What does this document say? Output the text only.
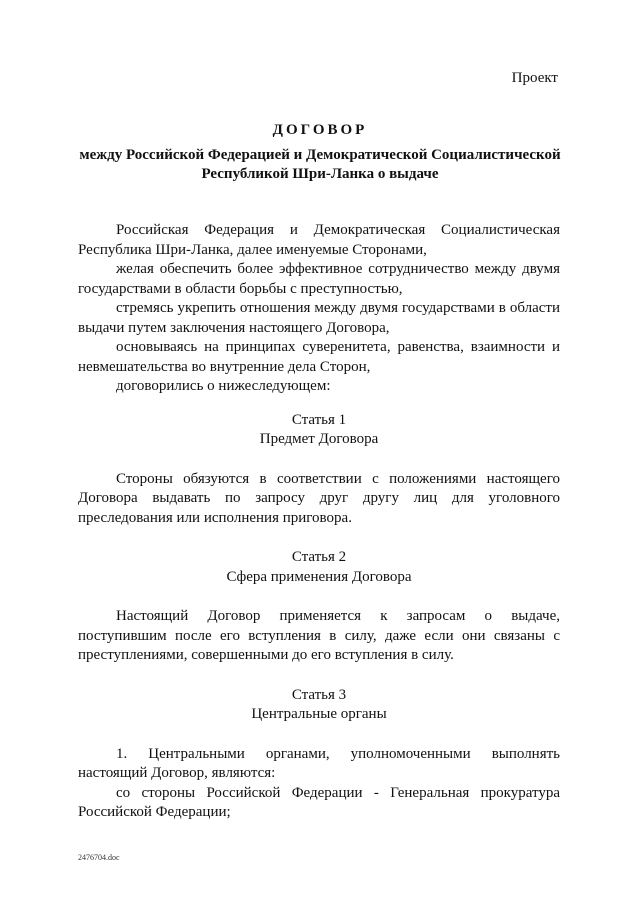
Проект
ДОГОВОР
между Российской Федерацией и Демократической Социалистической Республикой Шри-Ланка о выдаче

Российская Федерация и Демократическая Социалистическая Республика Шри-Ланка, далее именуемые Сторонами,

желая обеспечить более эффективное сотрудничество между двумя государствами в области борьбы с преступностью,

стремясь укрепить отношения между двумя государствами в области выдачи путем заключения настоящего Договора,

основываясь на принципах суверенитета, равенства, взаимности и невмешательства во внутренние дела Сторон,

договорились о нижеследующем:

Статья 1

Предмет Договора

Стороны обязуются в соответствии с положениями настоящего Договора выдавать по запросу друг другу лиц для уголовного преследования или исполнения приговора.

Статья 2

Сфера применения Договора

Настоящий Договор применяется к запросам о выдаче, поступившим после его вступления в силу, даже если они связаны с преступлениями, совершенными до его вступления в силу.

Статья 3

Центральные органы

1. Центральными органами, уполномоченными выполнять настоящий Договор, являются:

со стороны Российской Федерации - Генеральная прокуратура Российской Федерации;

2476704.doc
